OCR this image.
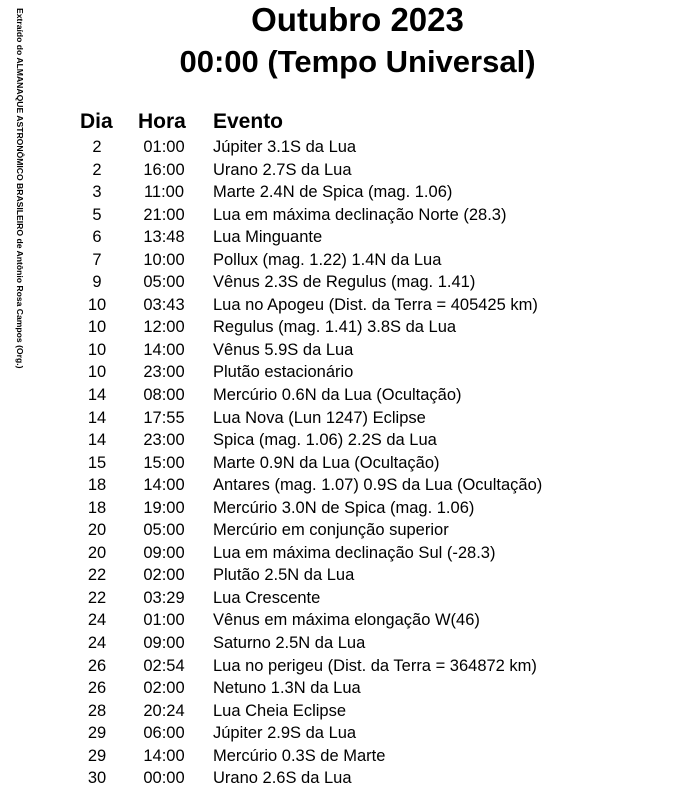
Extraído do ALMANAQUE ASTRONÔMICO BRASILEIRO de Antônio Rosa Campos (Org.)	Outubro 2023
00:00 (Tempo Universal)
Dia Hora Evento
2	01:00	Júpiter 3.1S da Lua
2	16:00	Urano 2.7S da Lua
3	11:00	Marte 2.4N de Spica (mag. 1.06)
5	21:00	Lua em máxima declinação Norte (28.3)
6	13:48	Lua Minguante
7	10:00	Pollux (mag. 1.22) 1.4N da Lua
9	05:00	Vênus 2.3S de Regulus (mag. 1.41)
10	03:43	Lua no Apogeu (Dist. da Terra = 405425 km)
10	12:00	Regulus (mag. 1.41) 3.8S da Lua
10	14:00	Vênus 5.9S da Lua
10	23:00	Plutão estacionário
14	08:00	Mercúrio 0.6N da Lua (Ocultação)
14	17:55	Lua Nova (Lun 1247) Eclipse
14	23:00	Spica (mag. 1.06) 2.2S da Lua
15	15:00	Marte 0.9N da Lua (Ocultação)
18	14:00	Antares (mag. 1.07) 0.9S da Lua (Ocultação)
18	19:00	Mercúrio 3.0N de Spica (mag. 1.06)
20	05:00	Mercúrio em conjunção superior
20	09:00	Lua em máxima declinação Sul (-28.3)
22	02:00	Plutão 2.5N da Lua
22	03:29	Lua Crescente
24	01:00	Vênus em máxima elongação W(46)
24	09:00	Saturno 2.5N da Lua
26	02:54	Lua no perigeu (Dist. da Terra = 364872 km)
26	02:00	Netuno 1.3N da Lua
28	20:24	Lua Cheia Eclipse
29	06:00	Júpiter 2.9S da Lua
29	14:00	Mercúrio 0.3S de Marte
30	00:00	Urano 2.6S da Lua
